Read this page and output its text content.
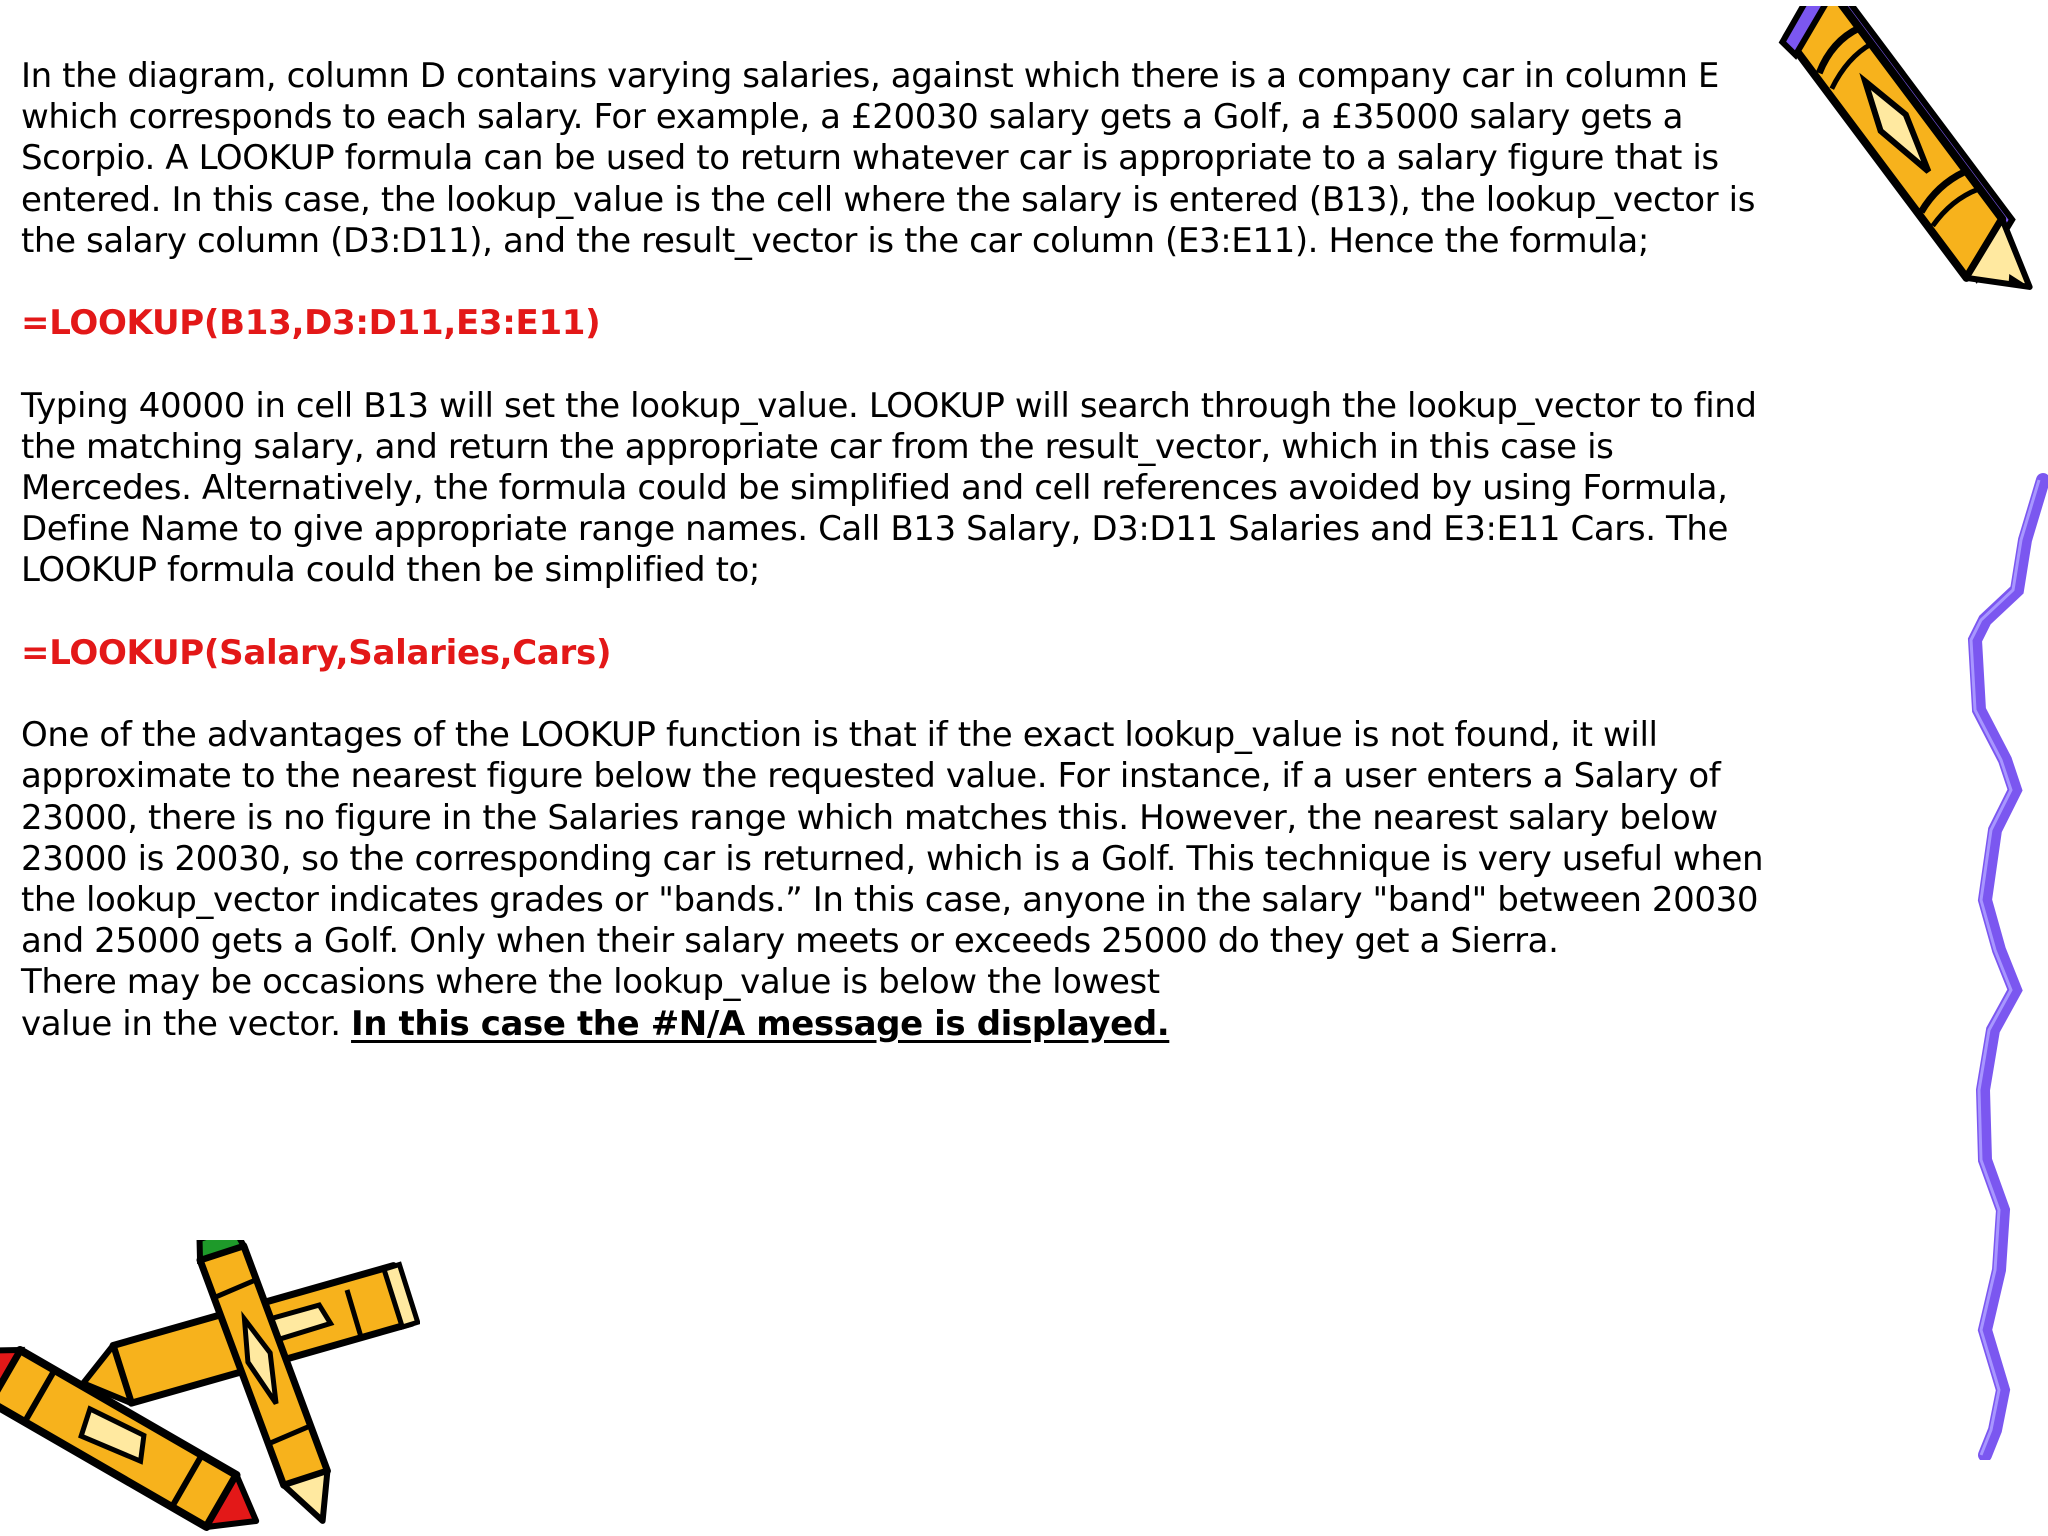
In the diagram, column D contains varying salaries, against which there is a company car in column E which corresponds to each salary. For example, a £20030 salary gets a Golf, a £35000 salary gets a Scorpio. A LOOKUP formula can be used to return whatever car is appropriate to a salary figure that is entered. In this case, the lookup_value is the cell where the salary is entered (B13), the lookup_vector is the salary column (D3:D11), and the result_vector is the car column (E3:E11). Hence the formula;

=LOOKUP(B13,D3:D11,E3:E11)

Typing 40000 in cell B13 will set the lookup_value. LOOKUP will search through the lookup_vector to find the matching salary, and return the appropriate car from the result_vector, which in this case is Mercedes. Alternatively, the formula could be simplified and cell references avoided by using Formula, Define Name to give appropriate range names. Call B13 Salary, D3:D11 Salaries and E3:E11 Cars. The LOOKUP formula could then be simplified to;

=LOOKUP(Salary,Salaries,Cars)

One of the advantages of the LOOKUP function is that if the exact lookup_value is not found, it will approximate to the nearest figure below the requested value. For instance, if a user enters a Salary of 23000, there is no figure in the Salaries range which matches this. However, the nearest salary below 23000 is 20030, so the corresponding car is returned, which is a Golf. This technique is very useful when the lookup_vector indicates grades or "bands.” In this case, anyone in the salary "band" between 20030 and 25000 gets a Golf. Only when their salary meets or exceeds 25000 do they get a Sierra.

There may be occasions where the lookup_value is below the lowest
value in the vector. In this case the #N/A message is displayed.
